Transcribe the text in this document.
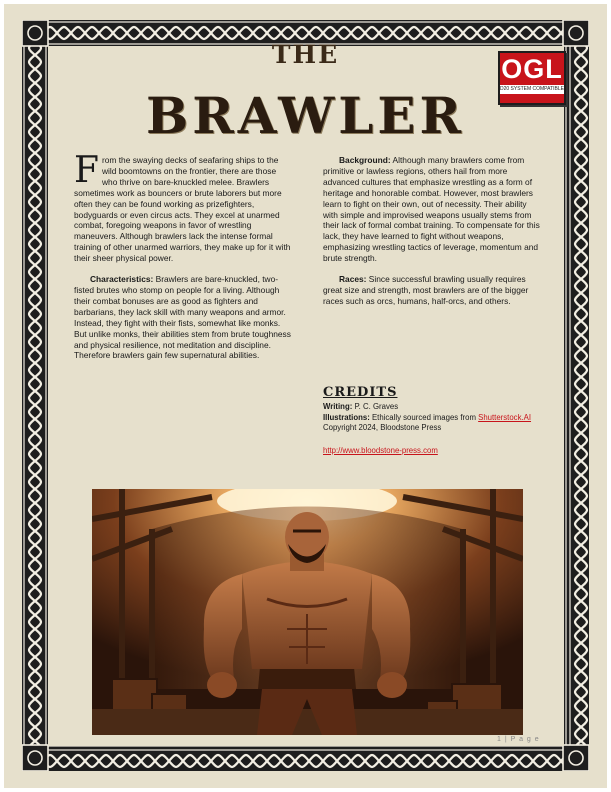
THE
BRAWLER
OGL
D20 SYSTEM COMPATIBLE

From the swaying decks of seafaring ships to the wild boomtowns on the frontier, there are those who thrive on bare-knuckled melee. Brawlers sometimes work as bouncers or brute laborers but more often they can be found working as prizefighters, bodyguards or even circus acts. They excel at unarmed combat, foregoing weapons in favor of wrestling maneuvers. Although brawlers lack the intense formal training of other unarmed warriors, they make up for it with their sheer physical power.

Characteristics: Brawlers are bare-knuckled, two-fisted brutes who stomp on people for a living. Although their combat bonuses are as good as fighters and barbarians, they lack skill with many weapons and armor. Instead, they fight with their fists, somewhat like monks. But unlike monks, their abilities stem from brute toughness and physical resilience, not meditation and discipline. Therefore brawlers gain few supernatural abilities.

Background: Although many brawlers come from primitive or lawless regions, others hail from more advanced cultures that emphasize wrestling as a form of heritage and honorable combat. However, most brawlers learn to fight on their own, out of necessity. Their ability with simple and improvised weapons usually stems from their lack of formal combat training. To compensate for this lack, they have learned to fight without weapons, emphasizing wrestling tactics of leverage, momentum and brute strength.

Races: Since successful brawling usually requires great size and strength, most brawlers are of the bigger races such as orcs, humans, half-orcs, and others.

CREDITS
Writing: P. C. Graves
Illustrations: Ethically sourced images from Shutterstock.AI
Copyright 2024, Bloodstone Press
http://www.bloodstone-press.com
1 | P a g e
